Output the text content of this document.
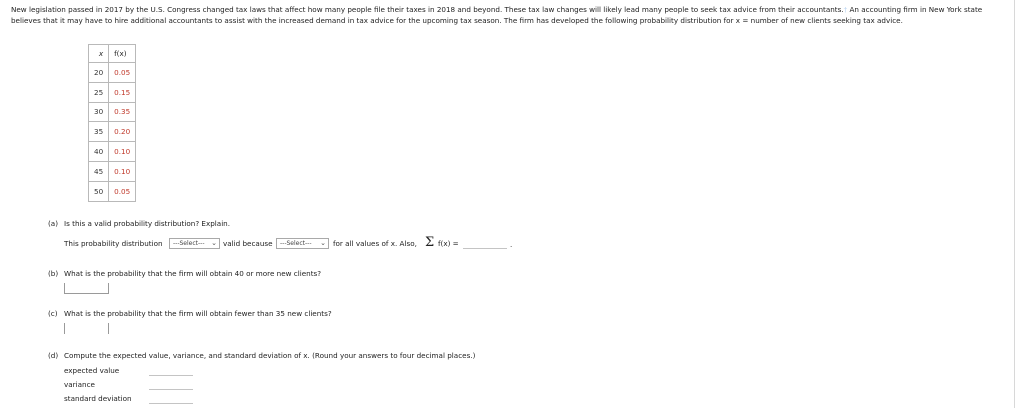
New legislation passed in 2017 by the U.S. Congress changed tax laws that affect how many people file their taxes in 2018 and beyond. These tax law changes will likely lead many people to seek tax advice from their accountants.† An accounting firm in New York state believes that it may have to hire additional accountants to assist with the increased demand in tax advice for the upcoming tax season. The firm has developed the following probability distribution for x = number of new clients seeking tax advice.
x	f(x)
20	0.05
25	0.15
30	0.35
35	0.20
40	0.10
45	0.10
50	0.05
(a) Is this a valid probability distribution? Explain.
This probability distribution	---Select--- ⌄ valid because	---Select--- ⌄ for all values of x. Also, Σ f(x) =	.
(b) What is the probability that the firm will obtain 40 or more new clients?
(c) What is the probability that the firm will obtain fewer than 35 new clients?
(d) Compute the expected value, variance, and standard deviation of x. (Round your answers to four decimal places.)
expected value
variance
standard deviation
